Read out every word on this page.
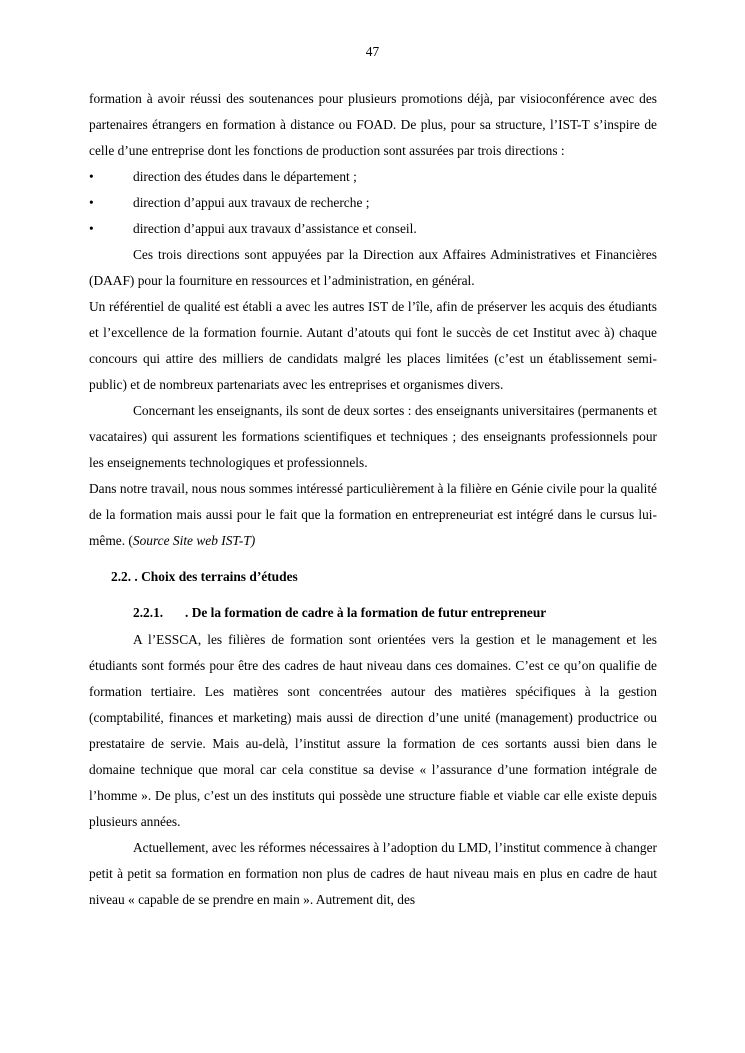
47

formation à avoir réussi des soutenances pour plusieurs promotions déjà, par visioconférence avec des partenaires étrangers en formation à distance ou FOAD. De plus, pour sa structure, l’IST-T s’inspire de celle d’une entreprise dont les fonctions de production sont assurées par trois directions :

•	direction des études dans le département ;
•	direction d’appui aux travaux de recherche ;
•	direction d’appui aux travaux d’assistance et conseil.

Ces trois directions sont appuyées par la Direction aux Affaires Administratives et Financières (DAAF) pour la fourniture en ressources et l’administration, en général.

Un référentiel de qualité est établi a avec les autres IST de l’île, afin de préserver les acquis des étudiants et l’excellence de la formation fournie. Autant d’atouts qui font le succès de cet Institut avec à) chaque concours qui attire des milliers de candidats malgré les places limitées (c’est un établissement semi-public) et de nombreux partenariats avec les entreprises et organismes divers.

Concernant les enseignants, ils sont de deux sortes : des enseignants universitaires (permanents et vacataires) qui assurent les formations scientifiques et techniques ; des enseignants professionnels pour les enseignements technologiques et professionnels.

Dans notre travail, nous nous sommes intéressé particulièrement à la filière en Génie civile pour la qualité de la formation mais aussi pour le fait que la formation en entrepreneuriat est intégré dans le cursus lui-même. (Source Site web IST-T)

2.2. . Choix des terrains d’études
2.2.1. . De la formation de cadre à la formation de futur entrepreneur

A l’ESSCA, les filières de formation sont orientées vers la gestion et le management et les étudiants sont formés pour être des cadres de haut niveau dans ces domaines. C’est ce qu’on qualifie de formation tertiaire. Les matières sont concentrées autour des matières spécifiques à la gestion (comptabilité, finances et marketing) mais aussi de direction d’une unité (management) productrice ou prestataire de servie. Mais au-delà, l’institut assure la formation de ces sortants aussi bien dans le domaine technique que moral car cela constitue sa devise « l’assurance d’une formation intégrale de l’homme ». De plus, c’est un des instituts qui possède une structure fiable et viable car elle existe depuis plusieurs années.

Actuellement, avec les réformes nécessaires à l’adoption du LMD, l’institut commence à changer petit à petit sa formation en formation non plus de cadres de haut niveau mais en plus en cadre de haut niveau « capable de se prendre en main ». Autrement dit, des
